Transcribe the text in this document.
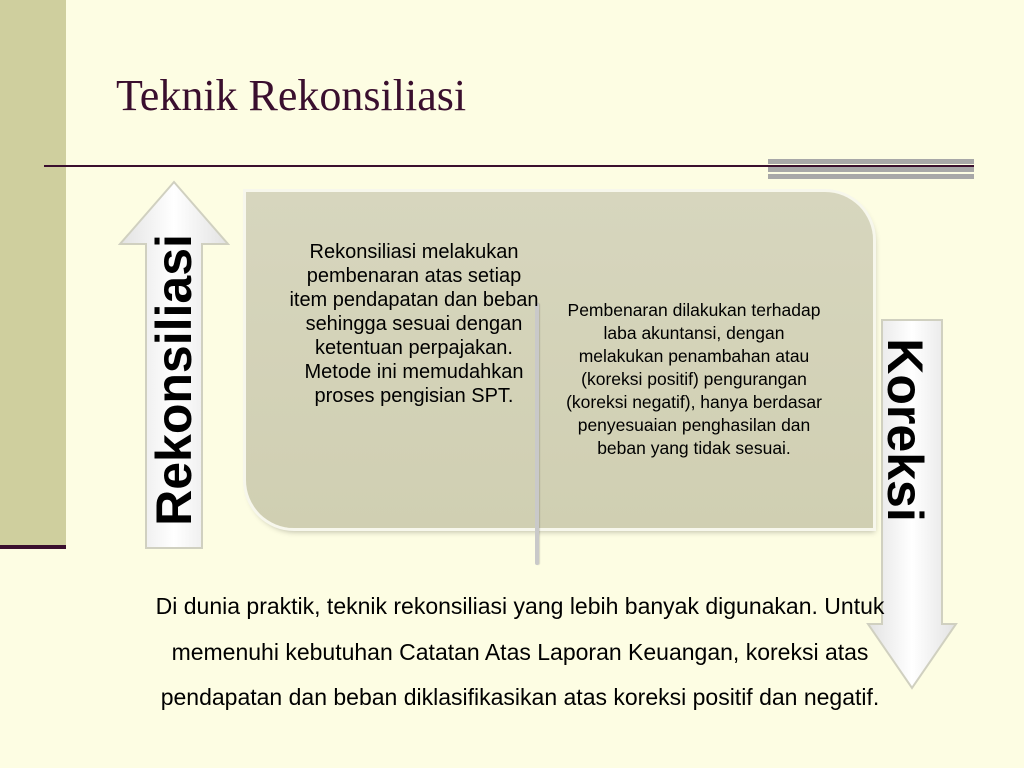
Teknik Rekonsiliasi
Rekonsiliasi melakukan pembenaran atas setiap item pendapatan dan beban sehingga sesuai dengan ketentuan perpajakan. Metode ini memudahkan proses pengisian SPT.
Pembenaran dilakukan terhadap laba akuntansi, dengan melakukan penambahan atau (koreksi positif) pengurangan (koreksi negatif), hanya berdasar penyesuaian penghasilan dan beban yang tidak sesuai.
Rekonsiliasi	Koreksi
Di dunia praktik, teknik rekonsiliasi yang lebih banyak digunakan. Untuk memenuhi kebutuhan Catatan Atas Laporan Keuangan, koreksi atas pendapatan dan beban diklasifikasikan atas koreksi positif dan negatif.
